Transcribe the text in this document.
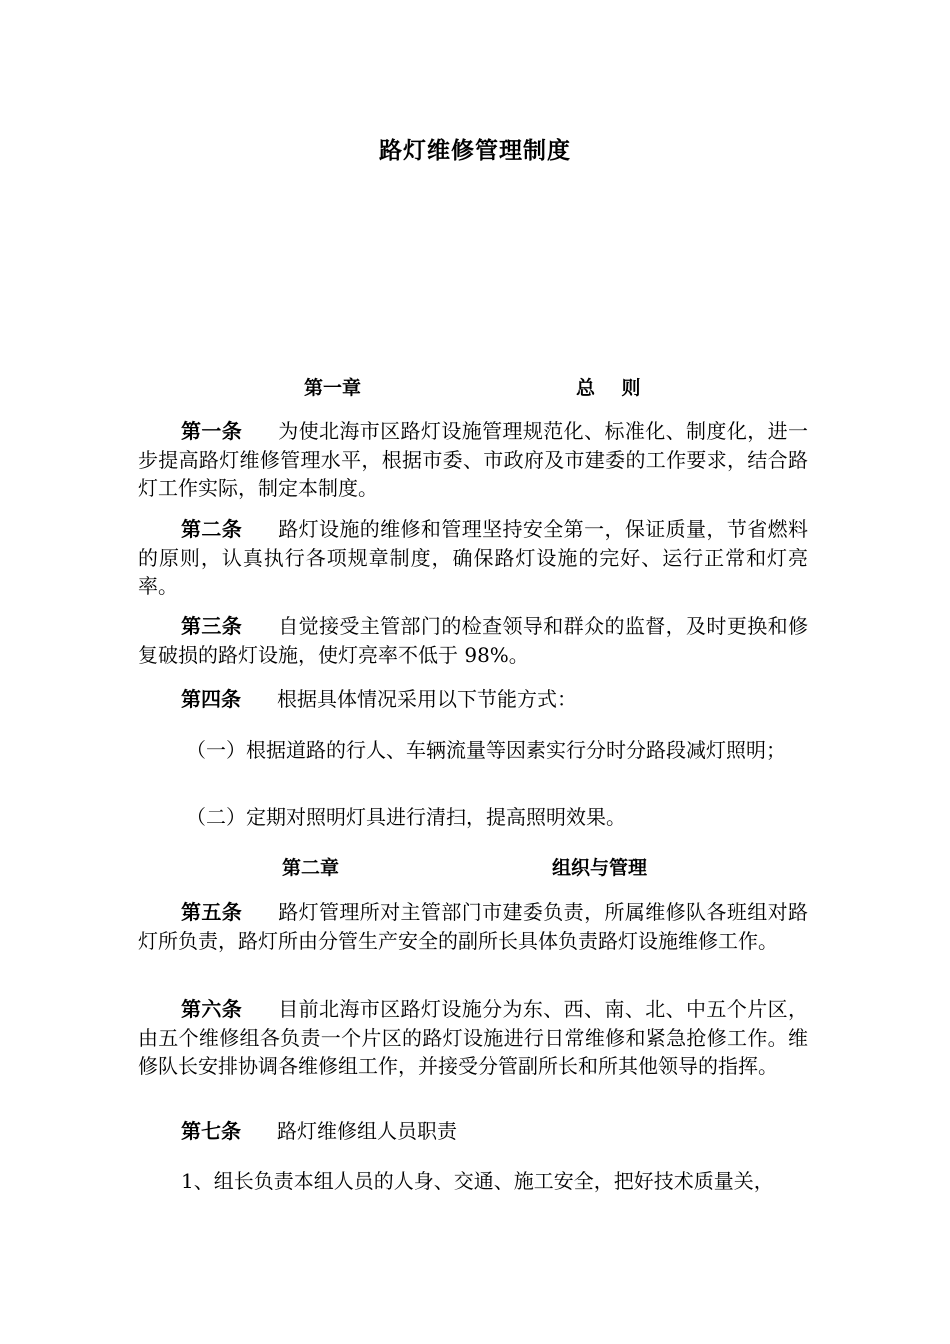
路灯维修管理制度
第一章	总    则
第一条 为使北海市区路灯设施管理规范化、标准化、制度化，进一步提高路灯维修管理水平，根据市委、市政府及市建委的工作要求，结合路灯工作实际，制定本制度。
第二条 路灯设施的维修和管理坚持安全第一，保证质量，节省燃料的原则，认真执行各项规章制度，确保路灯设施的完好、运行正常和灯亮率。
第三条 自觉接受主管部门的检查领导和群众的监督，及时更换和修复破损的路灯设施，使灯亮率不低于 98%。
第四条 根据具体情况采用以下节能方式：
（一）根据道路的行人、车辆流量等因素实行分时分路段减灯照明；
（二）定期对照明灯具进行清扫，提高照明效果。
第二章	组织与管理
第五条 路灯管理所对主管部门市建委负责，所属维修队各班组对路灯所负责，路灯所由分管生产安全的副所长具体负责路灯设施维修工作。
第六条 目前北海市区路灯设施分为东、西、南、北、中五个片区，由五个维修组各负责一个片区的路灯设施进行日常维修和紧急抢修工作。维修队长安排协调各维修组工作，并接受分管副所长和所其他领导的指挥。
第七条 路灯维修组人员职责
1、组长负责本组人员的人身、交通、施工安全，把好技术质量关，
